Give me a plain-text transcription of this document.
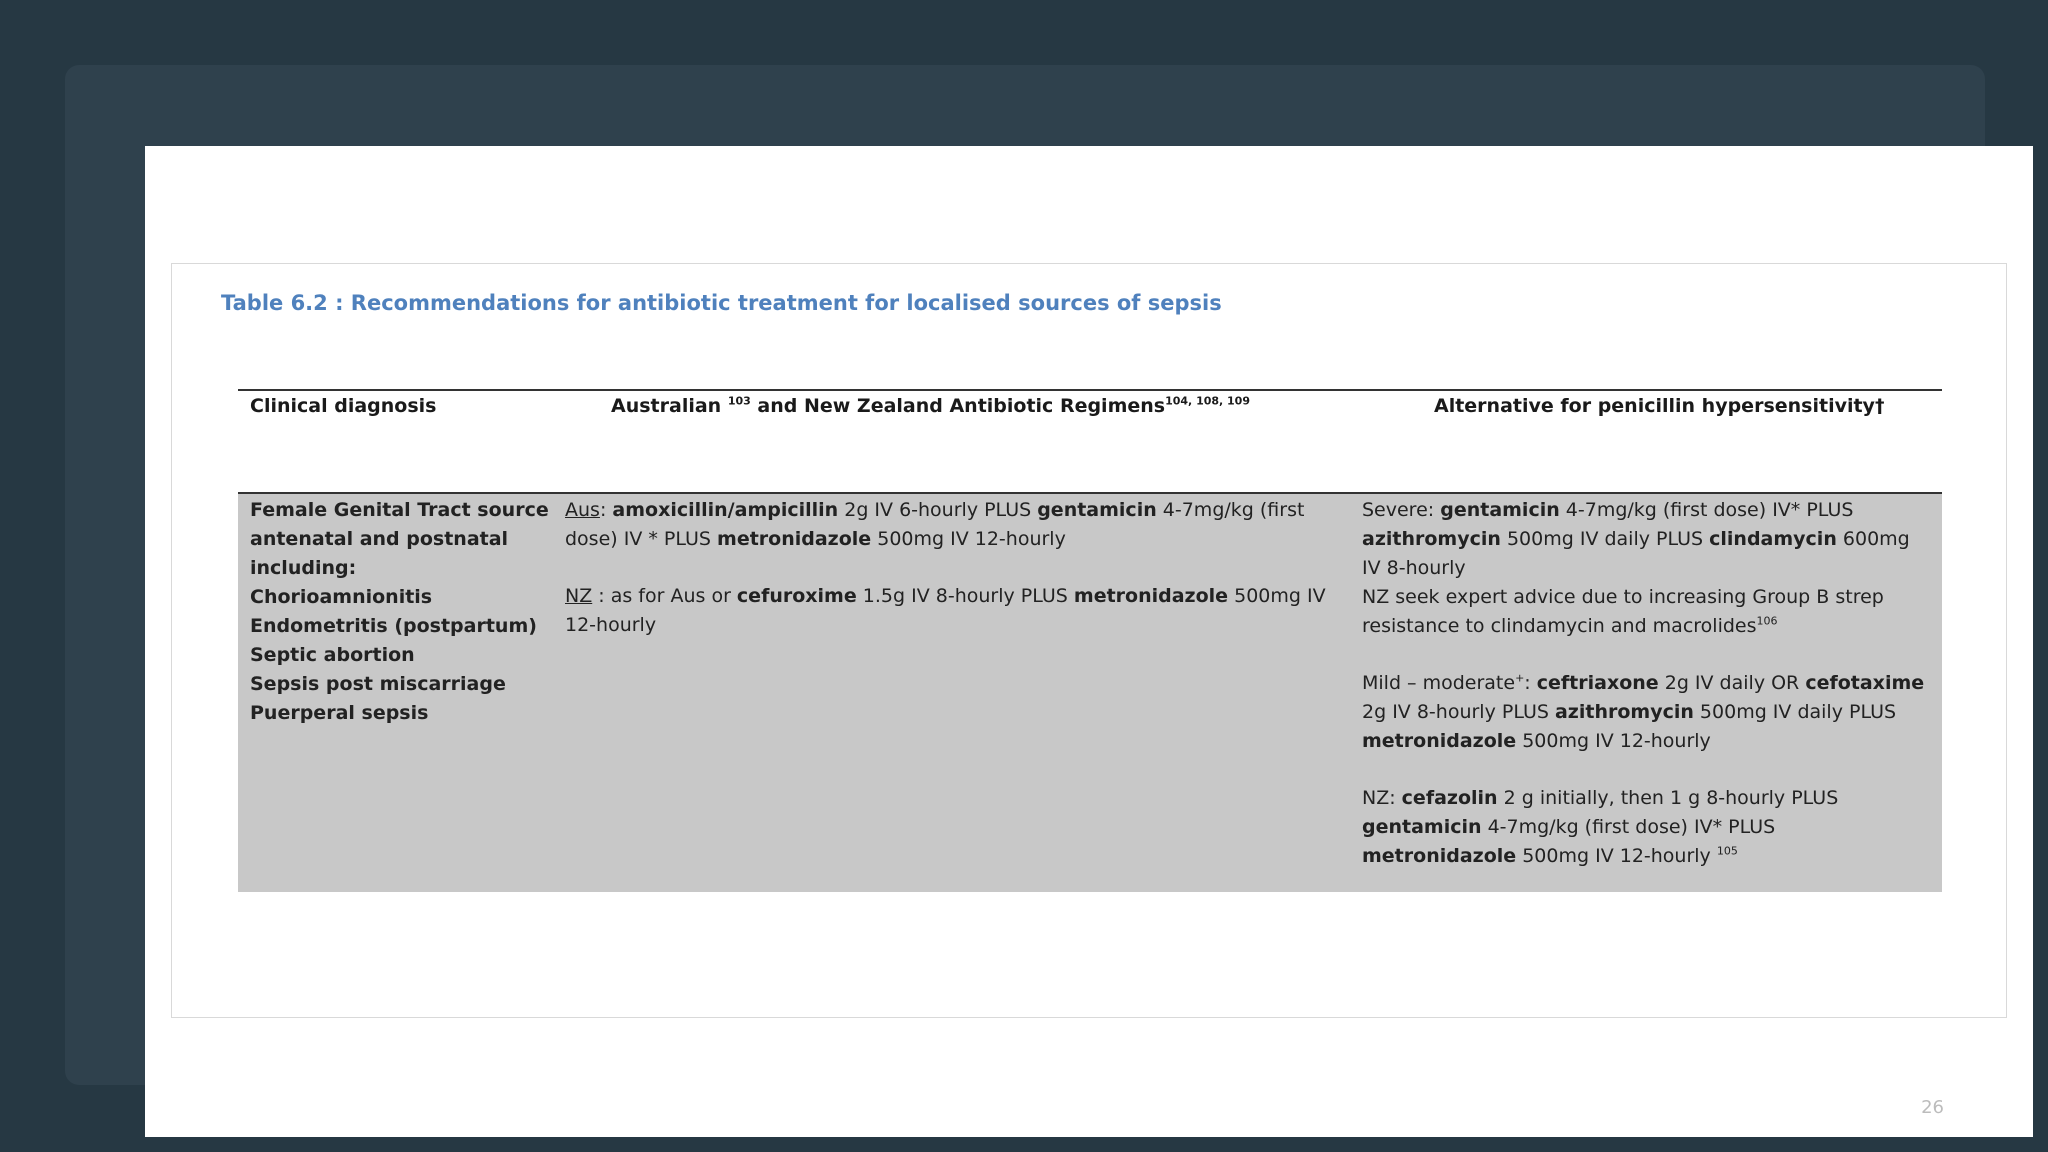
Table 6.2 : Recommendations for antibiotic treatment for localised sources of sepsis
Clinical diagnosis	Australian $^{103}$ and New Zealand Antibiotic Regimens$^{104, 108, 109}$	Alternative for penicillin hypersensitivity†
Female Genital Tract source antenatal and postnatal including:
Chorioamnionitis
Endometritis (postpartum)
Septic abortion
Sepsis post miscarriage
Puerperal sepsis
Aus: amoxicillin/ampicillin 2g IV 6-hourly PLUS gentamicin 4-7mg/kg (first dose) IV * PLUS metronidazole 500mg IV 12-hourly
NZ : as for Aus or cefuroxime 1.5g IV 8-hourly PLUS metronidazole 500mg IV 12-hourly
Severe: gentamicin 4-7mg/kg (first dose) IV* PLUS azithromycin 500mg IV daily PLUS clindamycin 600mg IV 8-hourly
NZ seek expert advice due to increasing Group B strep resistance to clindamycin and macrolides$^{106}$
Mild – moderate+: ceftriaxone 2g IV daily OR cefotaxime 2g IV 8-hourly PLUS azithromycin 500mg IV daily PLUS metronidazole 500mg IV 12-hourly
NZ: cefazolin 2 g initially, then 1 g 8-hourly PLUS gentamicin 4-7mg/kg (first dose) IV* PLUS metronidazole 500mg IV 12-hourly $^{105}$
26
